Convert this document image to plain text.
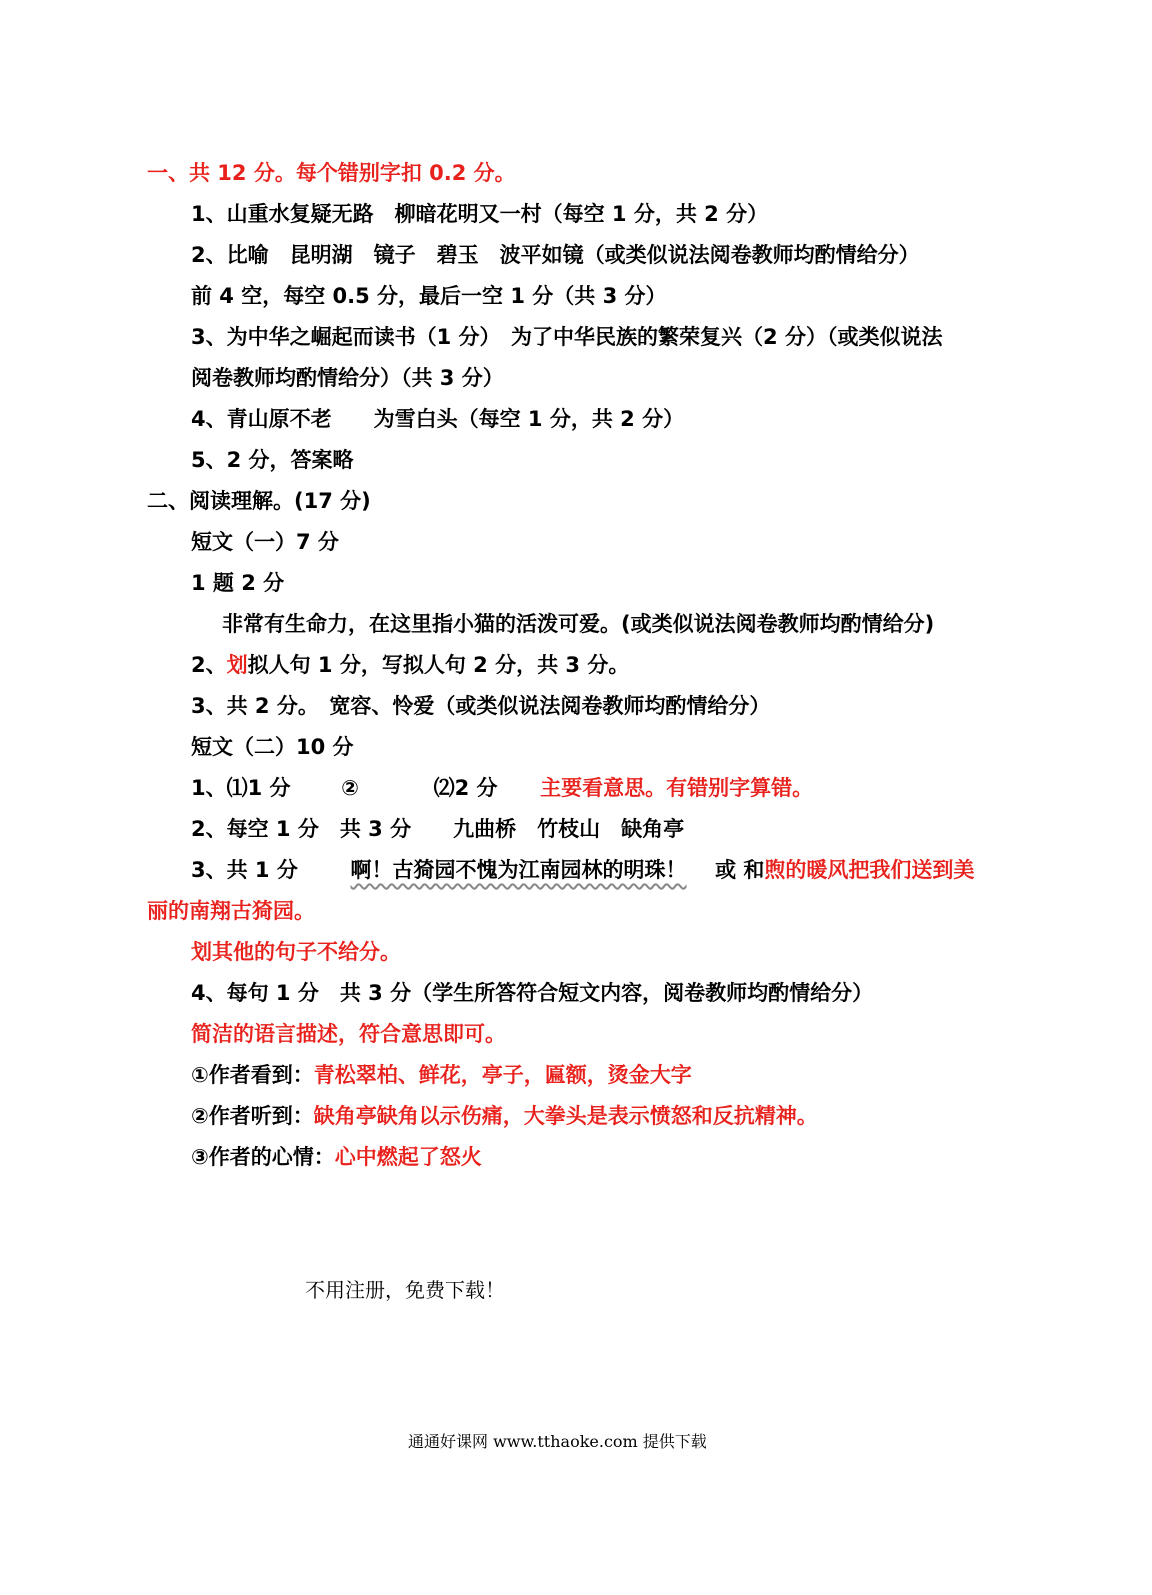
一、共 12 分。每个错别字扣 0.2 分。
1、山重水复疑无路　柳暗花明又一村（每空 1 分，共 2 分）
2、比喻　昆明湖　镜子　碧玉　波平如镜（或类似说法阅卷教师均酌情给分）
前 4 空，每空 0.5 分，最后一空 1 分（共 3 分）
3、为中华之崛起而读书（1 分）　为了中华民族的繁荣复兴（2 分）（或类似说法
阅卷教师均酌情给分）（共 3 分）
4、青山原不老　　为雪白头（每空 1 分，共 2 分）
5、2 分，答案略
二、阅读理解。(17 分)
短文（一）7 分
1 题 2 分
非常有生命力，在这里指小猫的活泼可爱。(或类似说法阅卷教师均酌情给分)
2、划拟人句 1 分，写拟人句 2 分，共 3 分。
3、共 2 分。　宽容、怜爱（或类似说法阅卷教师均酌情给分）
短文（二）10 分
1、⑴1 分 ②	⑵2 分 主要看意思。有错别字算错。
2、每空 1 分　共 3 分　　九曲桥　竹枝山　缺角亭
3、共 1 分	啊！古猗园不愧为江南园林的明珠！ 或 和煦的暖风把我们送到美
丽的南翔古猗园。
划其他的句子不给分。
4、每句 1 分　共 3 分（学生所答符合短文内容，阅卷教师均酌情给分）
简洁的语言描述，符合意思即可。
①作者看到：青松翠柏、鲜花，亭子，匾额，烫金大字
②作者听到：缺角亭缺角以示伤痛，大拳头是表示愤怒和反抗精神。
③作者的心情：心中燃起了怒火
不用注册，免费下载！
通通好课网 www.tthaoke.com 提供下载
